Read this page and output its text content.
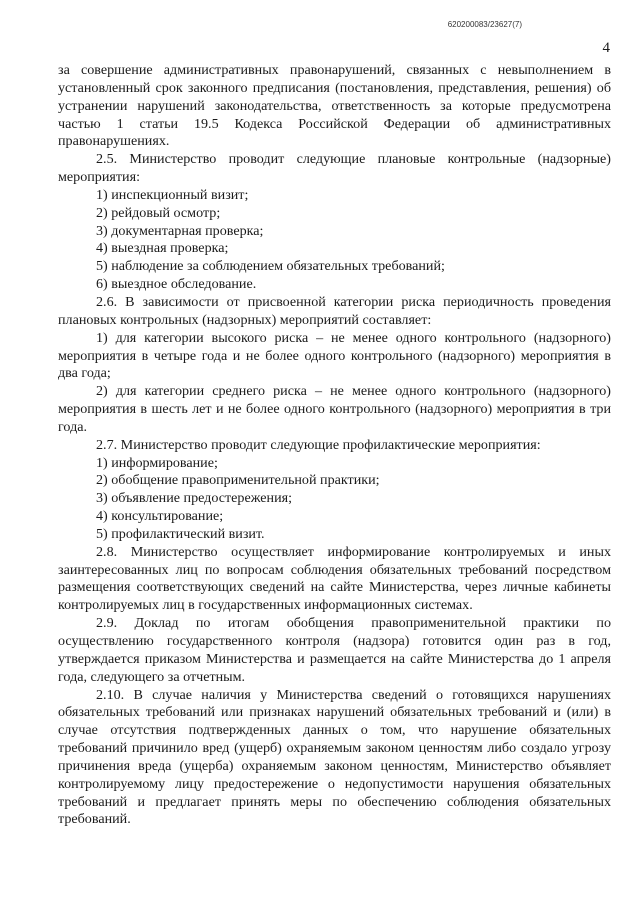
620200083/23627(7)
4

за совершение административных правонарушений, связанных с невыполнением в установленный срок законного предписания (постановления, представления, решения) об устранении нарушений законодательства, ответственность за которые предусмотрена частью 1 статьи 19.5 Кодекса Российской Федерации об административных правонарушениях.

2.5. Министерство проводит следующие плановые контрольные (надзорные) мероприятия:

1) инспекционный визит;

2) рейдовый осмотр;

3) документарная проверка;

4) выездная проверка;

5) наблюдение за соблюдением обязательных требований;

6) выездное обследование.

2.6. В зависимости от присвоенной категории риска периодичность проведения плановых контрольных (надзорных) мероприятий составляет:

1) для категории высокого риска – не менее одного контрольного (надзорного) мероприятия в четыре года и не более одного контрольного (надзорного) мероприятия в два года;

2) для категории среднего риска – не менее одного контрольного (надзорного) мероприятия в шесть лет и не более одного контрольного (надзорного) мероприятия в три года.

2.7. Министерство проводит следующие профилактические мероприятия:

1) информирование;

2) обобщение правоприменительной практики;

3) объявление предостережения;

4) консультирование;

5) профилактический визит.

2.8. Министерство осуществляет информирование контролируемых и иных заинтересованных лиц по вопросам соблюдения обязательных требований посредством размещения соответствующих сведений на сайте Министерства, через личные кабинеты контролируемых лиц в государственных информационных системах.

2.9. Доклад по итогам обобщения правоприменительной практики по осуществлению государственного контроля (надзора) готовится один раз в год, утверждается приказом Министерства и размещается на сайте Министерства до 1 апреля года, следующего за отчетным.

2.10. В случае наличия у Министерства сведений о готовящихся нарушениях обязательных требований или признаках нарушений обязательных требований и (или) в случае отсутствия подтвержденных данных о том, что нарушение обязательных требований причинило вред (ущерб) охраняемым законом ценностям либо создало угрозу причинения вреда (ущерба) охраняемым законом ценностям, Министерство объявляет контролируемому лицу предостережение о недопустимости нарушения обязательных требований и предлагает принять меры по обеспечению соблюдения обязательных требований.
